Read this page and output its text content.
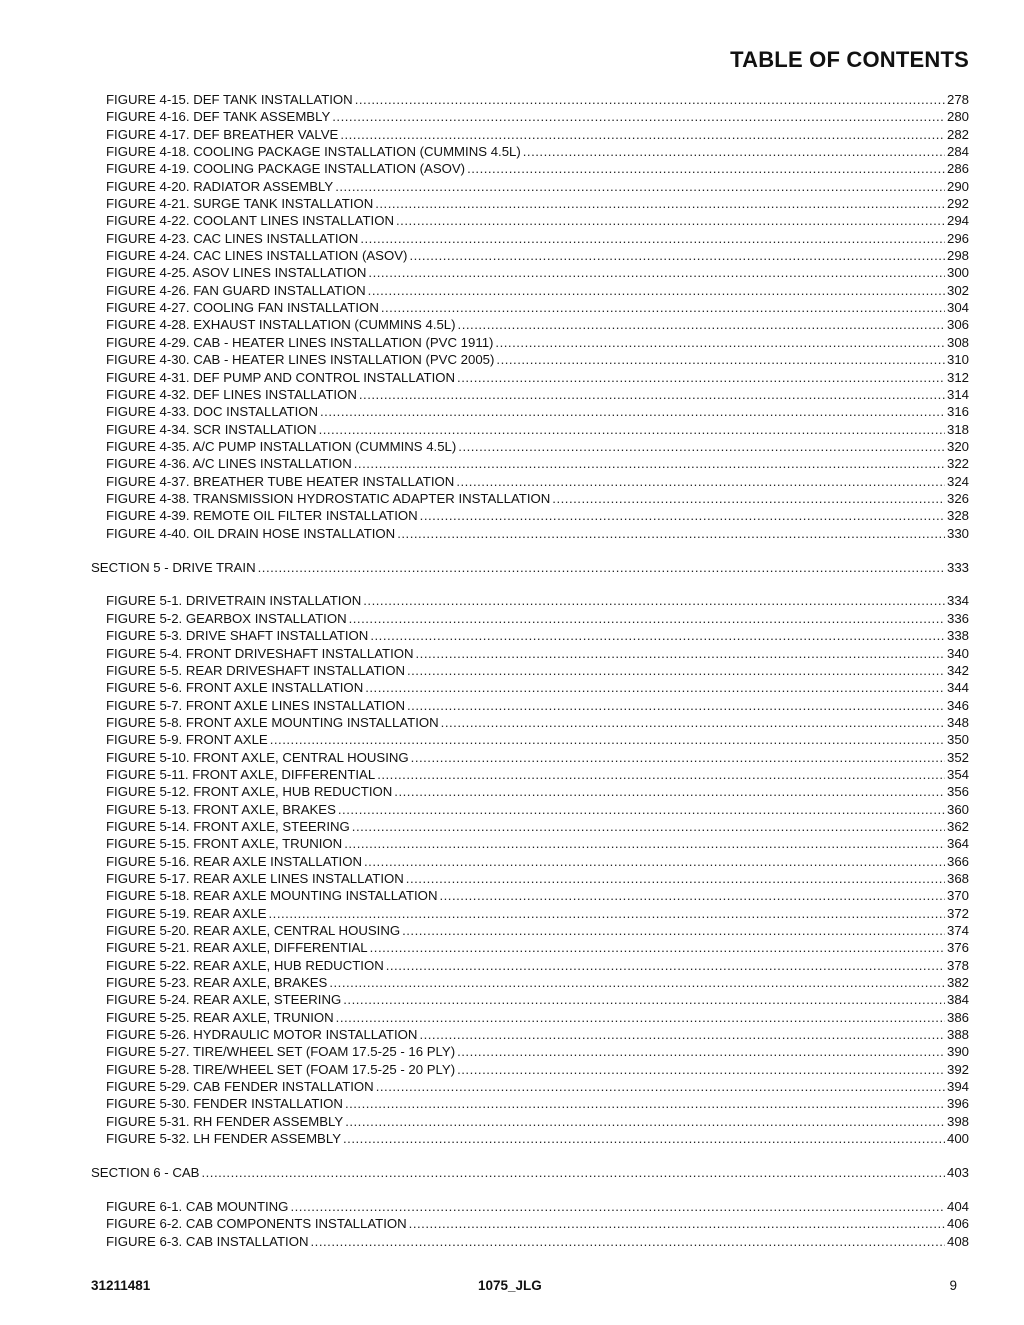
TABLE OF CONTENTS
FIGURE 4-15. DEF TANK INSTALLATION .....	278
FIGURE 4-16. DEF TANK ASSEMBLY .....	280
FIGURE 4-17. DEF BREATHER VALVE .....	282
FIGURE 4-18. COOLING PACKAGE INSTALLATION (CUMMINS 4.5L) .....	284
FIGURE 4-19. COOLING PACKAGE INSTALLATION (ASOV) .....	286
FIGURE 4-20. RADIATOR ASSEMBLY .....	290
FIGURE 4-21. SURGE TANK INSTALLATION .....	292
FIGURE 4-22. COOLANT LINES INSTALLATION .....	294
FIGURE 4-23. CAC LINES INSTALLATION .....	296
FIGURE 4-24. CAC LINES INSTALLATION (ASOV) .....	298
FIGURE 4-25. ASOV LINES INSTALLATION .....	300
FIGURE 4-26. FAN GUARD INSTALLATION .....	302
FIGURE 4-27. COOLING FAN INSTALLATION .....	304
FIGURE 4-28. EXHAUST INSTALLATION (CUMMINS 4.5L) .....	306
FIGURE 4-29. CAB - HEATER LINES INSTALLATION (PVC 1911) .....	308
FIGURE 4-30. CAB - HEATER LINES INSTALLATION (PVC 2005) .....	310
FIGURE 4-31. DEF PUMP AND CONTROL INSTALLATION .....	312
FIGURE 4-32. DEF LINES INSTALLATION .....	314
FIGURE 4-33. DOC INSTALLATION .....	316
FIGURE 4-34. SCR INSTALLATION .....	318
FIGURE 4-35. A/C PUMP INSTALLATION (CUMMINS 4.5L) .....	320
FIGURE 4-36. A/C LINES INSTALLATION .....	322
FIGURE 4-37. BREATHER TUBE HEATER INSTALLATION .....	324
FIGURE 4-38. TRANSMISSION HYDROSTATIC ADAPTER INSTALLATION .....	326
FIGURE 4-39. REMOTE OIL FILTER INSTALLATION .....	328
FIGURE 4-40. OIL DRAIN HOSE INSTALLATION .....	330
SECTION 5 - DRIVE TRAIN .....	333
FIGURE 5-1. DRIVETRAIN INSTALLATION .....	334
FIGURE 5-2. GEARBOX INSTALLATION .....	336
FIGURE 5-3. DRIVE SHAFT INSTALLATION .....	338
FIGURE 5-4. FRONT DRIVESHAFT INSTALLATION .....	340
FIGURE 5-5. REAR DRIVESHAFT INSTALLATION .....	342
FIGURE 5-6. FRONT AXLE INSTALLATION .....	344
FIGURE 5-7. FRONT AXLE LINES INSTALLATION .....	346
FIGURE 5-8. FRONT AXLE MOUNTING INSTALLATION .....	348
FIGURE 5-9. FRONT AXLE .....	350
FIGURE 5-10. FRONT AXLE, CENTRAL HOUSING .....	352
FIGURE 5-11. FRONT AXLE, DIFFERENTIAL .....	354
FIGURE 5-12. FRONT AXLE, HUB REDUCTION .....	356
FIGURE 5-13. FRONT AXLE, BRAKES .....	360
FIGURE 5-14. FRONT AXLE, STEERING .....	362
FIGURE 5-15. FRONT AXLE, TRUNION .....	364
FIGURE 5-16. REAR AXLE INSTALLATION .....	366
FIGURE 5-17. REAR AXLE LINES INSTALLATION .....	368
FIGURE 5-18. REAR AXLE MOUNTING INSTALLATION .....	370
FIGURE 5-19. REAR AXLE .....	372
FIGURE 5-20. REAR AXLE, CENTRAL HOUSING .....	374
FIGURE 5-21. REAR AXLE, DIFFERENTIAL .....	376
FIGURE 5-22. REAR AXLE, HUB REDUCTION .....	378
FIGURE 5-23. REAR AXLE, BRAKES .....	382
FIGURE 5-24. REAR AXLE, STEERING .....	384
FIGURE 5-25. REAR AXLE, TRUNION .....	386
FIGURE 5-26. HYDRAULIC MOTOR INSTALLATION .....	388
FIGURE 5-27. TIRE/WHEEL SET (FOAM 17.5-25 - 16 PLY) .....	390
FIGURE 5-28. TIRE/WHEEL SET (FOAM 17.5-25 - 20 PLY) .....	392
FIGURE 5-29. CAB FENDER INSTALLATION .....	394
FIGURE 5-30. FENDER INSTALLATION .....	396
FIGURE 5-31. RH FENDER ASSEMBLY .....	398
FIGURE 5-32. LH FENDER ASSEMBLY .....	400
SECTION 6 - CAB .....	403
FIGURE 6-1. CAB MOUNTING .....	404
FIGURE 6-2. CAB COMPONENTS INSTALLATION .....	406
FIGURE 6-3. CAB INSTALLATION .....	408
31211481	1075_JLG	9
